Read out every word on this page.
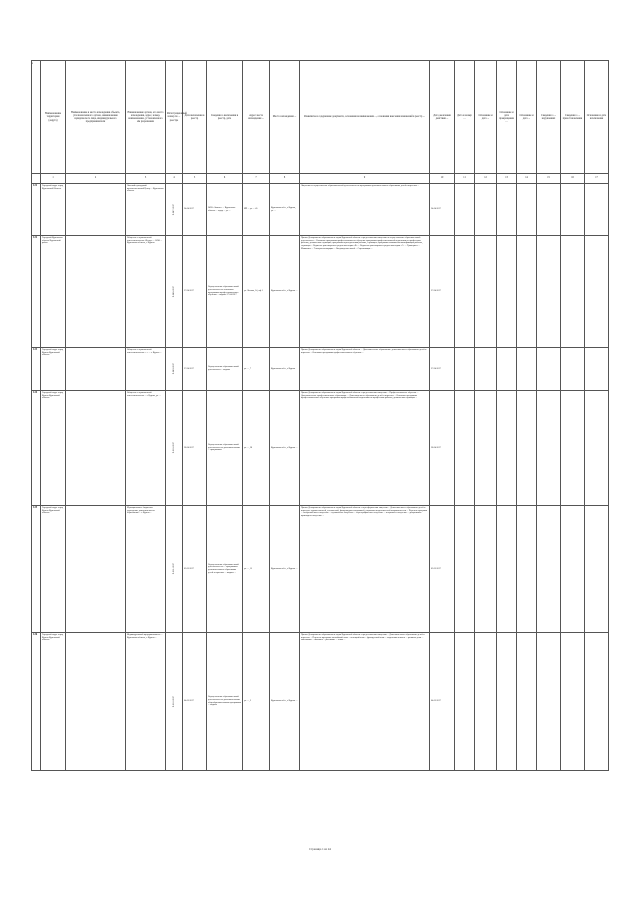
А
	Наименование территории (округа)	Наименование и место нахождения объекта, уполномоченного органа, наименование юридического лица, индивидуального предпринимателя	Наименование органа, его место нахождения, адрес, номер, наименование, установленного им разрешения	Регистрационный номер по ... реестре	Дата включения в реестр	Сведения о включении в реестр, дата	Адрес места нахождения ...	Место нахождения ...	Реквизиты и содержание документа, основания возникновения ..., основания внесения изменений в реестр ...	Дата окончания действия ...	Дата и номер ...	Основание и дата ...	Основание и дата прекращения ...	Основание и дата ...	Сведения о ... нарушениях	Сведения о ... приостановлении	Основание и дата исключения
	1	2	3	4	5	6	7	8	9	10	11	12	13	14	15	16	17
121	Городской округ город Курганский Область		Частный культурный просветительский Центр ... Курганская область	Р-047-2017	24.04.2017	ООО «Знание» ... Курганская область ... город ... ул. ...	ИП ... ул. ... 45	Курганская обл., г. Курган, ул. ...	Лицензия на осуществление образовательной деятельности по программам дополнительного образования детей и взрослых ...	24.04.2017							
122	Городской Курганская область Курганский район		Общество с ограниченной ответственностью «Центр» ... ООО ... Курганская область, г. Курган	Р-048-2017	27.04.2017	Осуществление образовательной деятельности по основным программам профессионального обучения ... выдано 27.04.2017	ул. Ленина, 14, оф. 1	Курганская обл., г. Курган ...	Приказ Департамента образования и науки Курганской области о предоставлении лицензии на осуществление образовательной деятельности ... Основные программы профессионального обучения: программы профессиональной подготовки по профессиям рабочих, должностям служащих; программы переподготовки рабочих, служащих; программы повышения квалификации рабочих, служащих ... Водитель транспортных средств категории «В» ... Водитель транспортных средств категории «С» ... Тракторист ... Машинист ... Электрогазосварщик ... Оператор котельной ... Стропальщик ...	27.04.2017							
123	Городской округ город Курган Курганской области		Общество с ограниченной ответственностью «...» ... г. Курган ...	Р-049-2017	27.04.2017	Осуществление образовательной деятельности ... выдано	ул. ..., 7	Курганская обл., г. Курган	Приказ Департамента образования и науки Курганской области ... Дополнительное образование: дополнительное образование детей и взрослых ... Основные программы профессионального обучения ...	27.04.2017							
124	Городской округ город Курган Курганской области		Общество с ограниченной ответственностью ... г. Курган, ул. ...	Р-050-2017	28.04.2017	Осуществление образовательной деятельности по дополнительным ... программам	ул. ..., 28	Курганская обл., г. Курган ...	Приказ Департамента образования и науки Курганской области о предоставлении лицензии ... Профессиональное обучение ... Дополнительное профессиональное образование ... Дополнительное образование детей и взрослых ... Основные программы профессионального обучения: программы профессиональной подготовки по профессиям рабочих, должностям служащих ...	28.04.2017							
125	Городской округ город Курган Курганской области		Муниципальное бюджетное учреждение дополнительного образования ... г. Курган ...	Р-051-2017	03.05.2017	Осуществление образовательной деятельности по ... программам дополнительного образования детей и взрослых ... выдано ...	ул. ..., 15	Курганская обл., г. Курган ...	Приказ Департамента образования и науки Курганской области о переоформлении лицензии ... Дополнительное образование детей и взрослых: художественной, технической, физкультурно-спортивной, социально-педагогической направленности ... Перечень программ ... изобразительное искусство ... музыкальное искусство ... хореографическое искусство ... театральное искусство ... декоративно-прикладное искусство ...	03.05.2017							
126	Городской округ город Курган Курганской области		Индивидуальный предприниматель ... Курганская область, г. Курган ...	Р-052-2017	04.05.2017	Осуществление образовательной деятельности по дополнительным общеобразовательным программам ... выдано	ул. ..., 3	Курганская обл., г. Курган ...	Приказ Департамента образования и науки Курганской области о предоставлении лицензии ... Дополнительное образование детей и взрослых ... Перечень программ: английский язык ... немецкий язык ... французский язык ... подготовка к школе ... развитие речи ... математика ... шахматы ... рисование ... лепка ...	04.05.2017							
Страница 1 из 44
